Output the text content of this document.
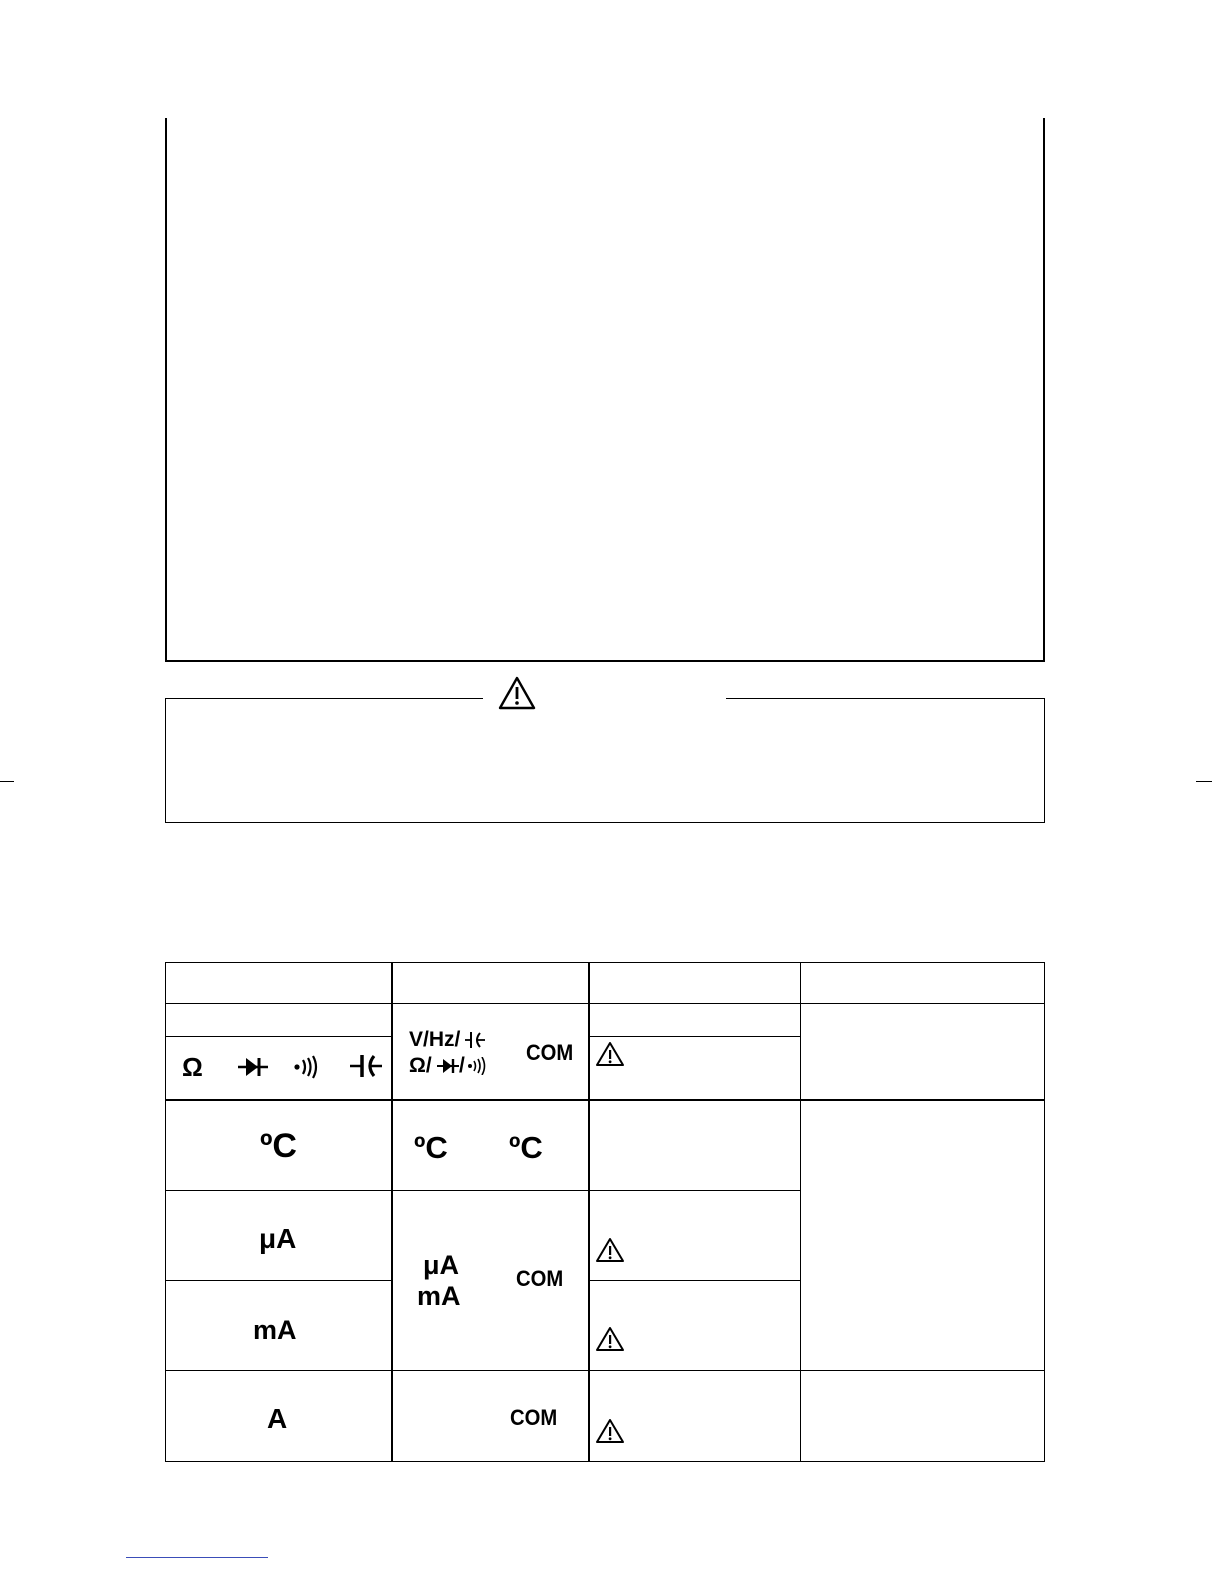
Ω
V/Hz/
Ω/ /
COM
ºC	ºC ºC
μA
μA
mA
COM
mA
A	COM
